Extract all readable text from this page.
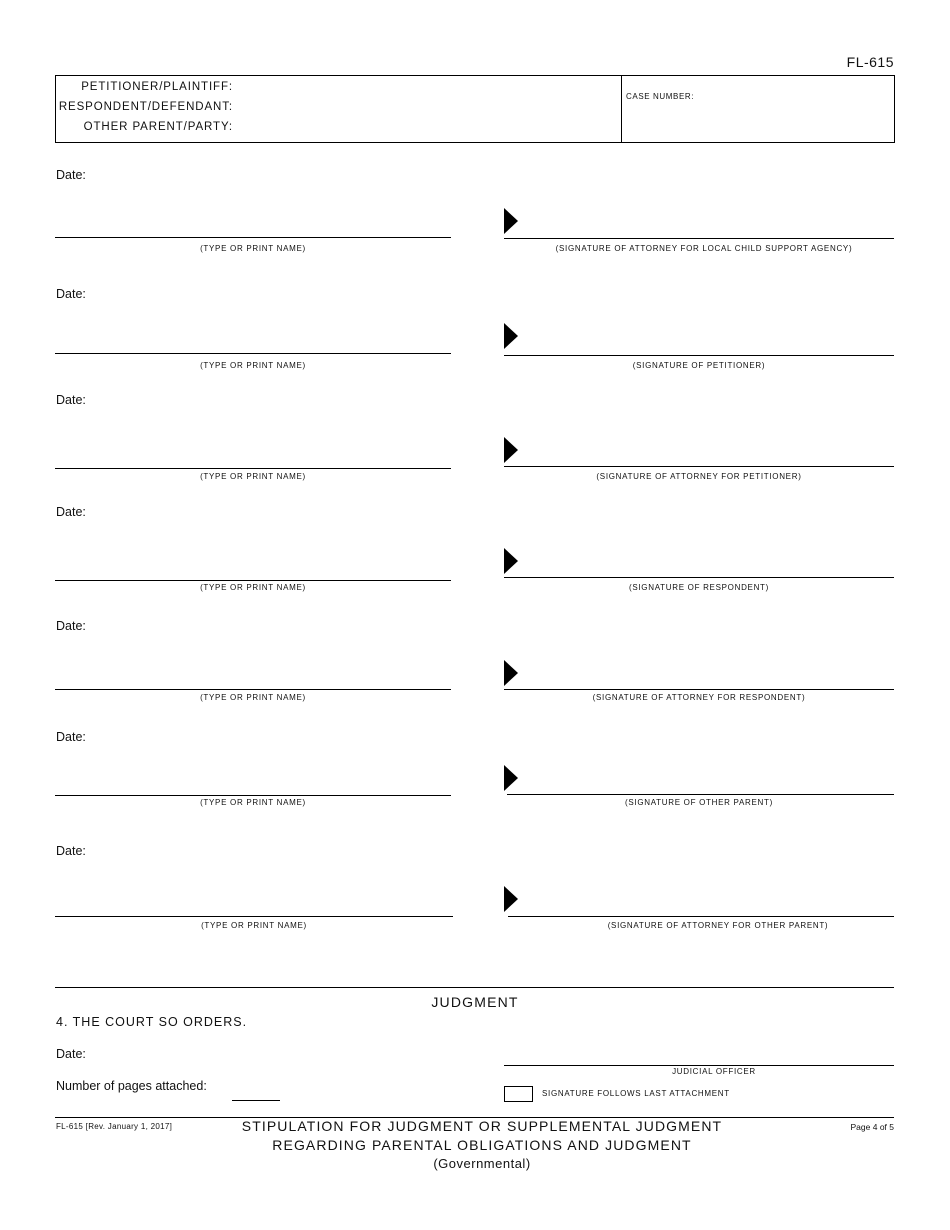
FL-615
PETITIONER/PLAINTIFF:
RESPONDENT/DEFENDANT:
OTHER PARENT/PARTY:
CASE NUMBER:
Date:
(TYPE OR PRINT NAME)	(SIGNATURE OF ATTORNEY FOR LOCAL CHILD SUPPORT AGENCY)
Date:
(TYPE OR PRINT NAME)	(SIGNATURE OF PETITIONER)
Date:
(TYPE OR PRINT NAME)	(SIGNATURE OF ATTORNEY FOR PETITIONER)
Date:
(TYPE OR PRINT NAME)	(SIGNATURE OF RESPONDENT)
Date:
(TYPE OR PRINT NAME)	(SIGNATURE OF ATTORNEY FOR RESPONDENT)
Date:
(TYPE OR PRINT NAME)	(SIGNATURE OF OTHER PARENT)
Date:
(TYPE OR PRINT NAME)	(SIGNATURE OF ATTORNEY FOR OTHER PARENT)
JUDGMENT
4. THE COURT SO ORDERS.
Date:
JUDICIAL OFFICER
Number of pages attached:
SIGNATURE FOLLOWS LAST ATTACHMENT
FL-615 [Rev. January 1, 2017]	STIPULATION FOR JUDGMENT OR SUPPLEMENTAL JUDGMENT
REGARDING PARENTAL OBLIGATIONS AND JUDGMENT
(Governmental)
Page 4 of 5
